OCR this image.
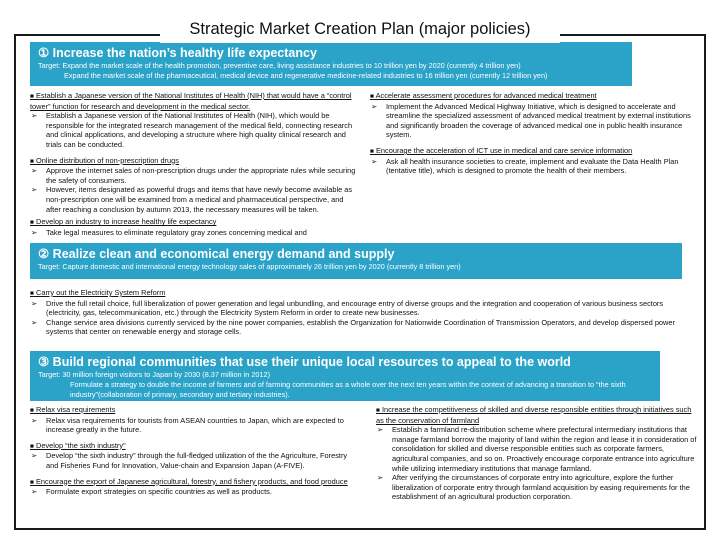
Strategic Market Creation Plan (major policies)
① Increase the nation’s healthy life expectancy
Target: Expand the market scale of the health promotion, preventive care, living assistance industries to 10 trillion yen by 2020 (currently 4 trillion yen)
Expand the market scale of the pharmaceutical, medical device and regenerative medicine-related industries to 16 trillion yen (currently 12 trillion yen)
■ Establish a Japanese version of the National Institutes of Health (NIH) that would have a “control tower” function for research and development in the medical sector.
➢	Establish a Japanese version of the National Institutes of Health (NIH), which would be responsible for the integrated research management of the medical field, connecting research and clinical applications, and developing a structure where high quality clinical research and trials can be conducted.
■ Online distribution of non-prescription drugs
➢	Approve the internet sales of non-prescription drugs under the appropriate rules while securing the safety of consumers.
➢	However, items designated as powerful drugs and items that have newly become available as non-prescription one will be examined from a medical and pharmaceutical perspective, and after reaching a conclusion by autumn 2013, the necessary measures will be taken.
■ Develop an industry to increase healthy life expectancy
➢	Take legal measures to eliminate regulatory gray zones concerning medical and
■ Accelerate assessment procedures for advanced medical treatment
➢	Implement the Advanced Medical Highway Initiative, which is designed to accelerate and streamline the specialized assessment of advanced medical treatment by external institutions and significantly broaden the coverage of advanced medical one in public health insurance system.
■ Encourage the acceleration of ICT use in medical and care service information
➢	Ask all health insurance societies to create, implement and evaluate the Data Health Plan (tentative title), which is designed to promote the health of their members.
② Realize clean and economical energy demand and supply
Target: Capture domestic and international energy technology sales of approximately 26 trillion yen by 2020 (currently 8 trillion yen)
■ Carry out the Electricity System Reform
➢	Drive the full retail choice, full liberalization of power generation and legal unbundling, and encourage entry of diverse groups and the integration and cooperation of various business sectors (electricity, gas, telecommunication, etc.) through the Electricity System Reform in order to create new businesses.
➢	Change service area divisions currently serviced by the nine power companies, establish the Organization for Nationwide Coordination of Transmission Operators, and develop dispersed power systems that center on renewable energy and storage cells.
③ Build regional communities that use their unique local resources to appeal to the world
Target: 30 million foreign visitors to Japan by 2030 (8.37 million in 2012)
Formulate a strategy to double the income of farmers and of farming communities as a whole over the next ten years within the context of advancing a transition to “the sixth industry”(collaboration of primary, secondary and tertiary industries).
■ Relax visa requirements
➢	Relax visa requirements for tourists from ASEAN countries to Japan, which are expected to increase greatly in the future.
■ Develop “the sixth industry”
➢	Develop “the sixth industry” through the full-fledged utilization of the the Agriculture, Forestry and Fisheries Fund for Innovation, Value-chain and Expansion Japan (A-FIVE).
■ Encourage the export of Japanese agricultural, forestry, and fishery products, and food produce
➢	Formulate export strategies on specific countries as well as products.
■ Increase the competitiveness of skilled and diverse responsible entities through initiatives such as the conservation of farmland
➢	Establish a farmland re-distribution scheme where prefectural intermediary institutions that manage farmland borrow the majority of land within the region and lease it in consideration of consolidation for skilled and diverse responsible entities such as corporate farmers, agricultural companies, and so on. Proactively encourage corporate entrance into agriculture while utilizing intermediary institutions that manage farmland.
➢	After verifying the circumstances of corporate entry into agriculture, explore the further liberalization of corporate entry through farmland acquisition by easing requirements for the establishment of an agricultural production corporation.
